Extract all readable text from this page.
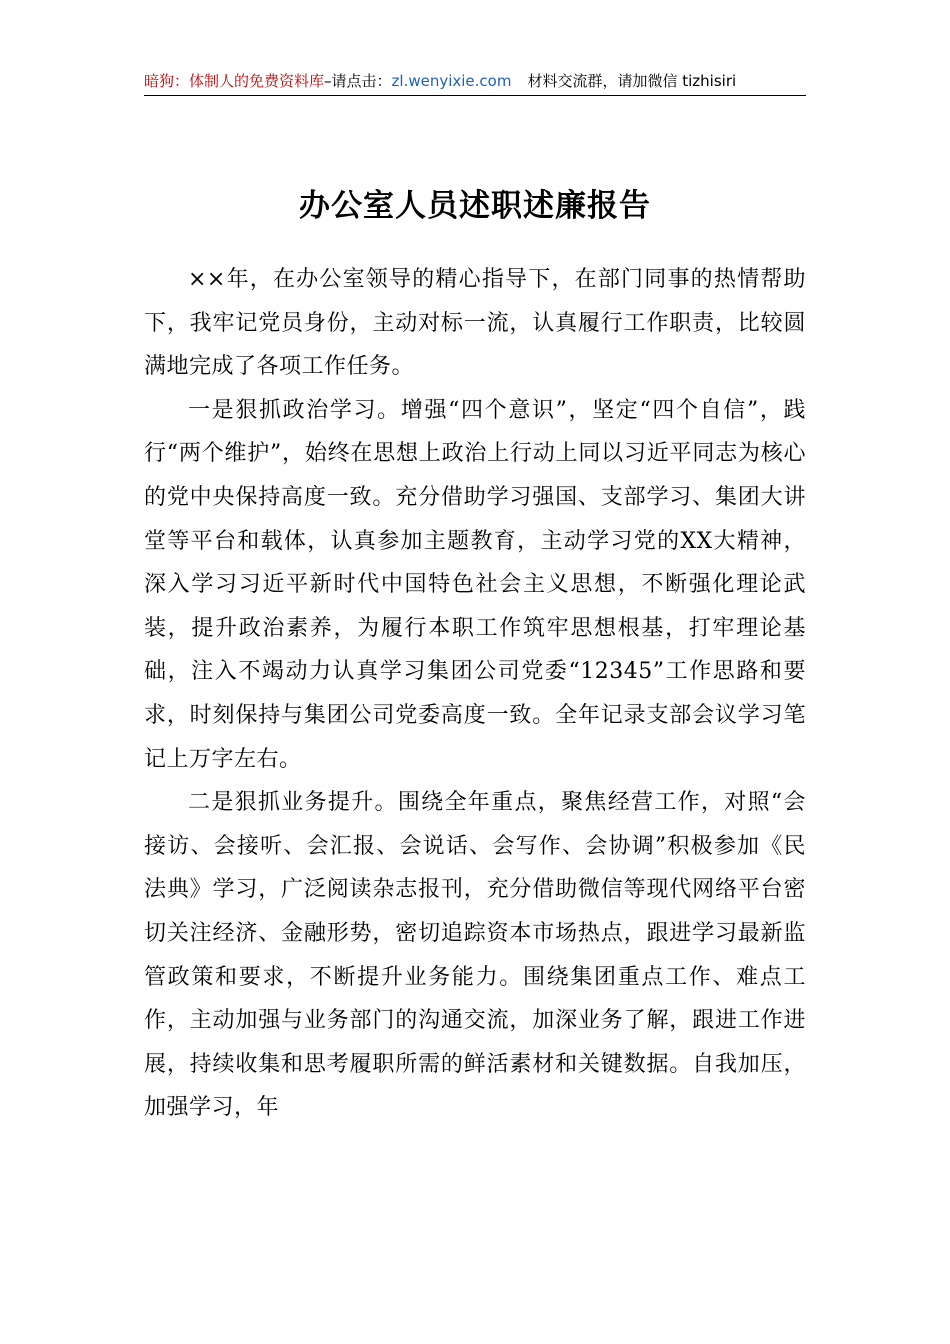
暗狗：体制人的免费资料库–请点击：zl.wenyixie.com 材料交流群，请加微信 tizhisiri
办公室人员述职述廉报告

××年，在办公室领导的精心指导下，在部门同事的热情帮助下，我牢记党员身份，主动对标一流，认真履行工作职责，比较圆满地完成了各项工作任务。

一是狠抓政治学习。增强“四个意识”，坚定“四个自信”，践行“两个维护”，始终在思想上政治上行动上同以习近平同志为核心的党中央保持高度一致。充分借助学习强国、支部学习、集团大讲堂等平台和载体，认真参加主题教育，主动学习党的XX大精神，深入学习习近平新时代中国特色社会主义思想，不断强化理论武装，提升政治素养，为履行本职工作筑牢思想根基，打牢理论基础，注入不竭动力认真学习集团公司党委“12345”工作思路和要求，时刻保持与集团公司党委高度一致。全年记录支部会议学习笔记上万字左右。

二是狠抓业务提升。围绕全年重点，聚焦经营工作，对照“会接访、会接听、会汇报、会说话、会写作、会协调”积极参加《民法典》学习，广泛阅读杂志报刊，充分借助微信等现代网络平台密切关注经济、金融形势，密切追踪资本市场热点，跟进学习最新监管政策和要求，不断提升业务能力。围绕集团重点工作、难点工作，主动加强与业务部门的沟通交流，加深业务了解，跟进工作进展，持续收集和思考履职所需的鲜活素材和关键数据。自我加压，加强学习，年
